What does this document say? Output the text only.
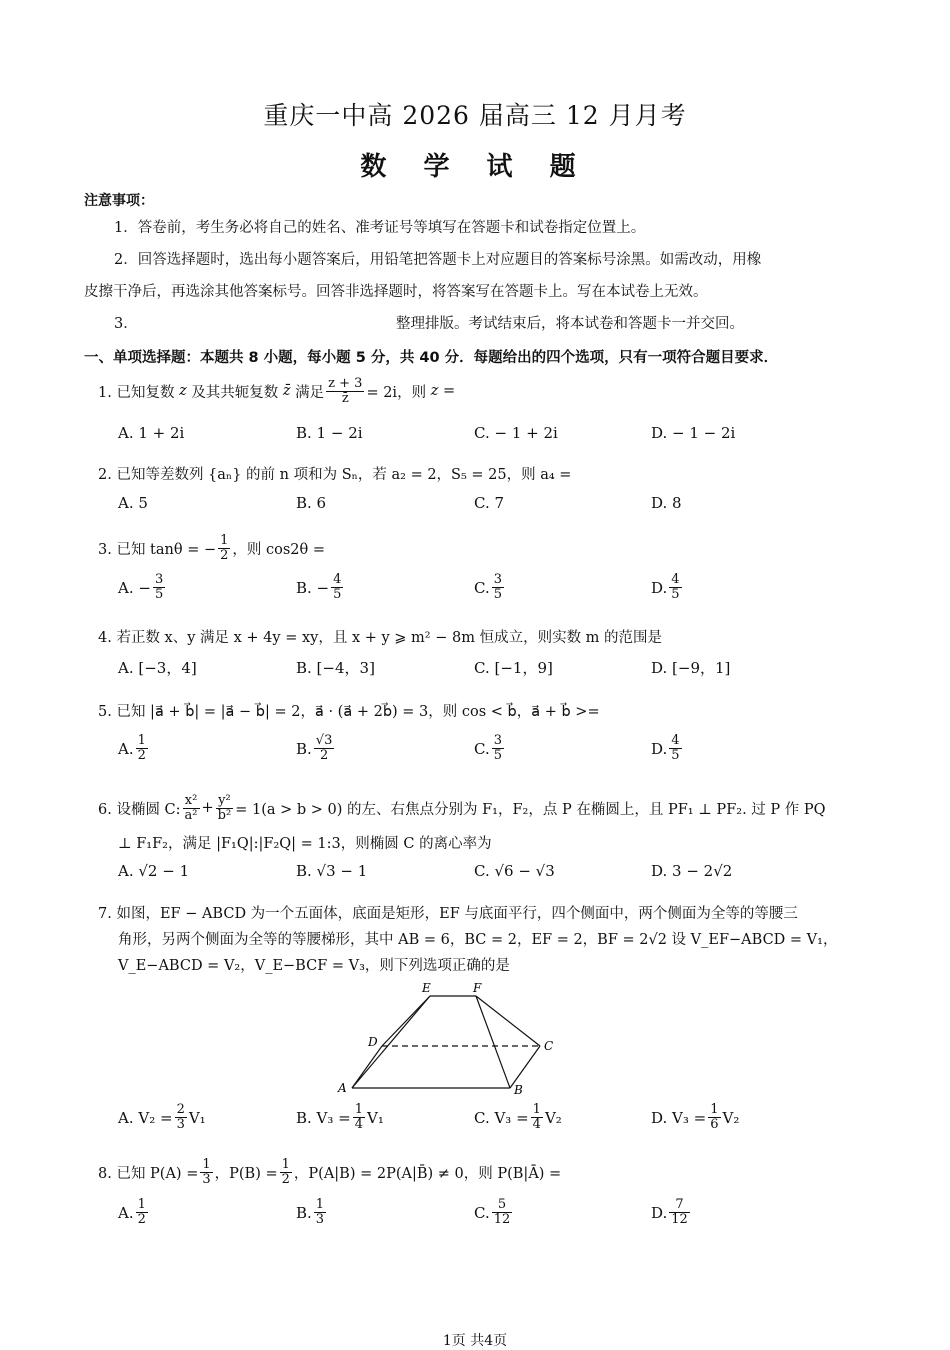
重庆一中高 2026 届高三 12 月月考
数 学 试 题
注意事项：
1．答卷前，考生务必将自己的姓名、准考证号等填写在答题卡和试卷指定位置上。
2．回答选择题时，选出每小题答案后，用铅笔把答题卡上对应题目的答案标号涂黑。如需改动，用橡
皮擦干净后，再选涂其他答案标号。回答非选择题时，将答案写在答题卡上。写在本试卷上无效。
3．	整理排版。考试结束后，将本试卷和答题卡一并交回。
一、单项选择题：本题共 8 小题，每小题 5 分，共 40 分．每题给出的四个选项，只有一项符合题目要求．
1. 已知复数
z
及其共轭复数
z̄
满足 $\frac{z + 3}{z̄} = 2i$，则
z
=
A. 1 + 2i	B. 1 − 2i	C. − 1 + 2i	D. − 1 − 2i
2. 已知等差数列 {aₙ} 的前 n 项和为 Sₙ，若 a₂ = 2，S₅ = 25，则 a₄ =
A. 5	B. 6	C. 7	D. 8
3. 已知 tanθ = − $\frac{1}{2}$ ，则 cos2θ =
A. − $\frac{3}{5}$	B. − $\frac{4}{5}$	C. $\frac{3}{5}$	D. $\frac{4}{5}$
4. 若正数 x、y 满足 x + 4y = xy，且 x + y ⩾ m² − 8m 恒成立，则实数 m 的范围是
A. [−3，4]	B. [−4，3]	C. [−1，9]	D. [−9，1]
5. 已知 |a⃗ + b⃗| = |a⃗ − b⃗| = 2，a⃗ · (a⃗ + 2b⃗) = 3，则 cos < b⃗，a⃗ + b⃗ >=
A. $\frac{1}{2}$	B. $\frac{√3}{2}$	C. $\frac{3}{5}$	D. $\frac{4}{5}$
6. 设椭圆 C: $\frac{\text{x²}}{\text{a²}} + \frac{\text{y²}}{\text{b²}} = 1(a > b > 0)$ 的左、右焦点分别为 F₁，F₂，点 P 在椭圆上，且 PF₁ ⊥ PF₂. 过 P 作 PQ
⊥ F₁F₂，满足 |F₁Q|:|F₂Q| = 1:3，则椭圆 C 的离心率为
A. √2 − 1	B. √3 − 1	C. √6 − √3	D. 3 − 2√2
7. 如图，EF − ABCD 为一个五面体，底面是矩形，EF 与底面平行，四个侧面中，两个侧面为全等的等腰三
角形，另两个侧面为全等的等腰梯形，其中 AB = 6，BC = 2，EF = 2，BF = 2√2 设 V_EF−ABCD = V₁，
V_E−ABCD = V₂，V_E−BCF = V₃，则下列选项正确的是
E	F
D	C
A	B
A. $V_2 = \frac{2}{3} V_1$	B. $V_3 = \frac{1}{4} V_1$	C. $V_3 = \frac{1}{4} V_2$	D. $V_3 = \frac{1}{6} V_2$
8. 已知 $P(A) = \frac{1}{3}$ ，$P(B) = \frac{1}{2}$ ，P(A|B) = 2P(A|B̄) ≠ 0，则 P(B|Ā) =
A. $\frac{1}{2}$	B. $\frac{1}{3}$	C. $\frac{5}{12}$	D. $\frac{7}{12}$
1页 共4页
